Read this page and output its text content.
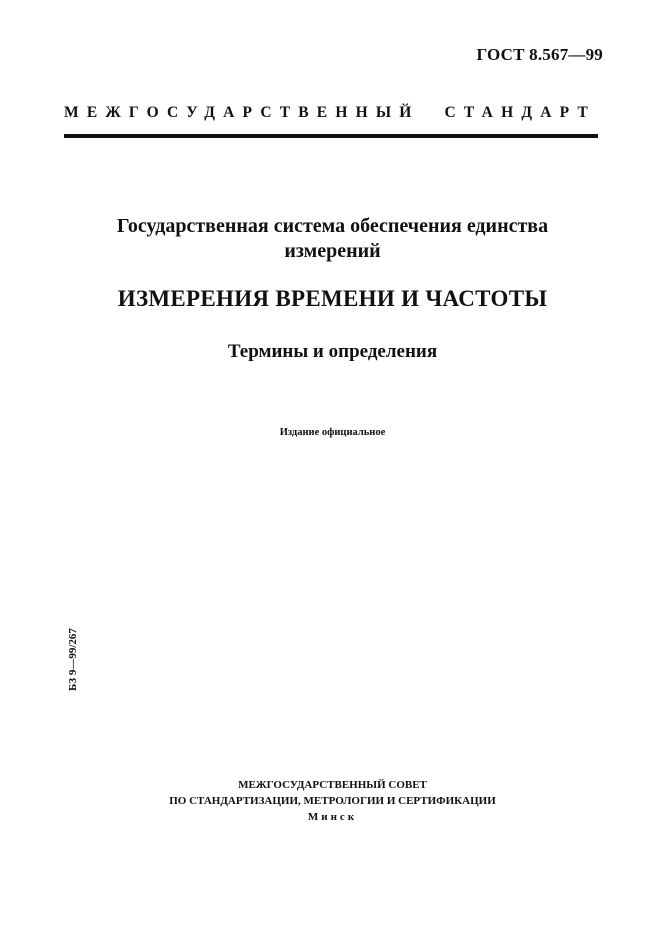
ГОСТ 8.567—99
МЕЖГОСУДАРСТВЕННЫЙ СТАНДАРТ
Государственная система обеспечения единства
измерений
ИЗМЕРЕНИЯ ВРЕМЕНИ И ЧАСТОТЫ
Термины и определения
Издание официальное
БЗ 9—99/267
МЕЖГОСУДАРСТВЕННЫЙ СОВЕТ
ПО СТАНДАРТИЗАЦИИ, МЕТРОЛОГИИ И СЕРТИФИКАЦИИ
Минск
